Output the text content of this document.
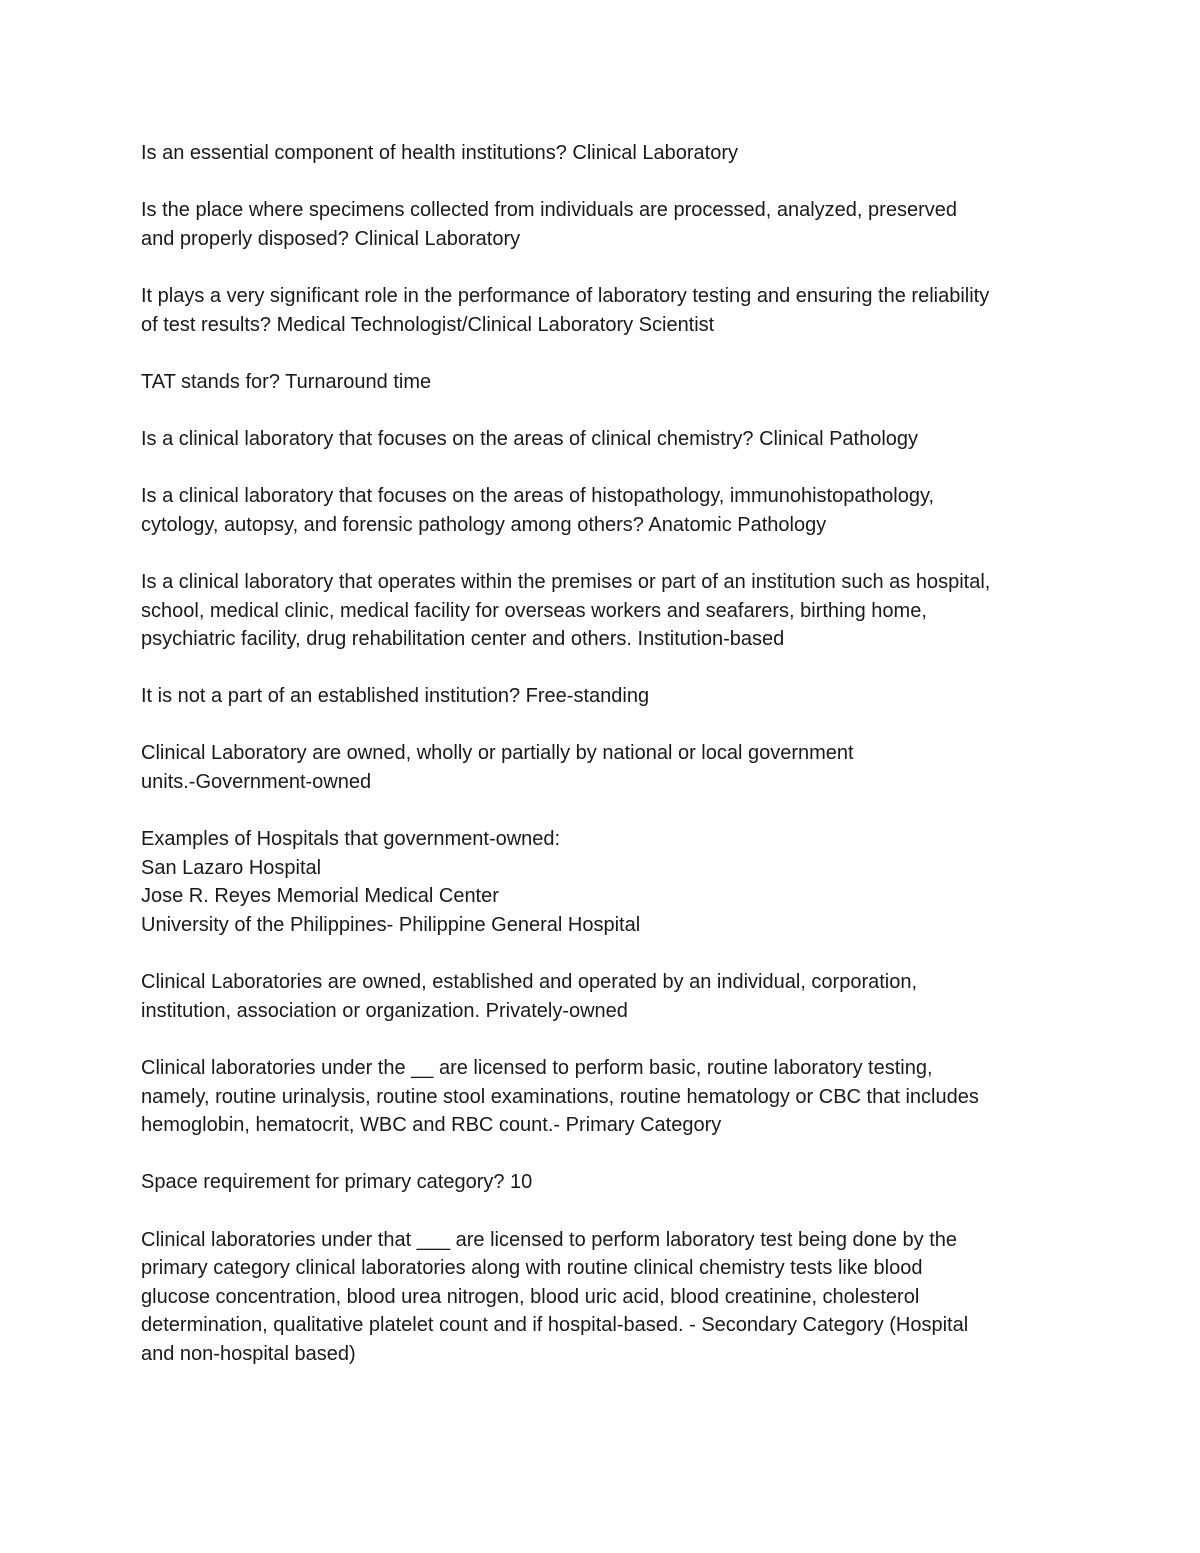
Is an essential component of health institutions? Clinical Laboratory

Is the place where specimens collected from individuals are processed, analyzed, preserved
and properly disposed? Clinical Laboratory

It plays a very significant role in the performance of laboratory testing and ensuring the reliability
of test results? Medical Technologist/Clinical Laboratory Scientist

TAT stands for? Turnaround time

Is a clinical laboratory that focuses on the areas of clinical chemistry? Clinical Pathology

Is a clinical laboratory that focuses on the areas of histopathology, immunohistopathology,
cytology, autopsy, and forensic pathology among others? Anatomic Pathology

Is a clinical laboratory that operates within the premises or part of an institution such as hospital,
school, medical clinic, medical facility for overseas workers and seafarers, birthing home,
psychiatric facility, drug rehabilitation center and others. Institution-based

It is not a part of an established institution? Free-standing

Clinical Laboratory are owned, wholly or partially by national or local government
units.-Government-owned

Examples of Hospitals that government-owned:
San Lazaro Hospital
Jose R. Reyes Memorial Medical Center
University of the Philippines- Philippine General Hospital

Clinical Laboratories are owned, established and operated by an individual, corporation,
institution, association or organization. Privately-owned

Clinical laboratories under the __ are licensed to perform basic, routine laboratory testing,
namely, routine urinalysis, routine stool examinations, routine hematology or CBC that includes
hemoglobin, hematocrit, WBC and RBC count.- Primary Category

Space requirement for primary category? 10

Clinical laboratories under that ___ are licensed to perform laboratory test being done by the
primary category clinical laboratories along with routine clinical chemistry tests like blood
glucose concentration, blood urea nitrogen, blood uric acid, blood creatinine, cholesterol
determination, qualitative platelet count and if hospital-based. - Secondary Category (Hospital
and non-hospital based)
